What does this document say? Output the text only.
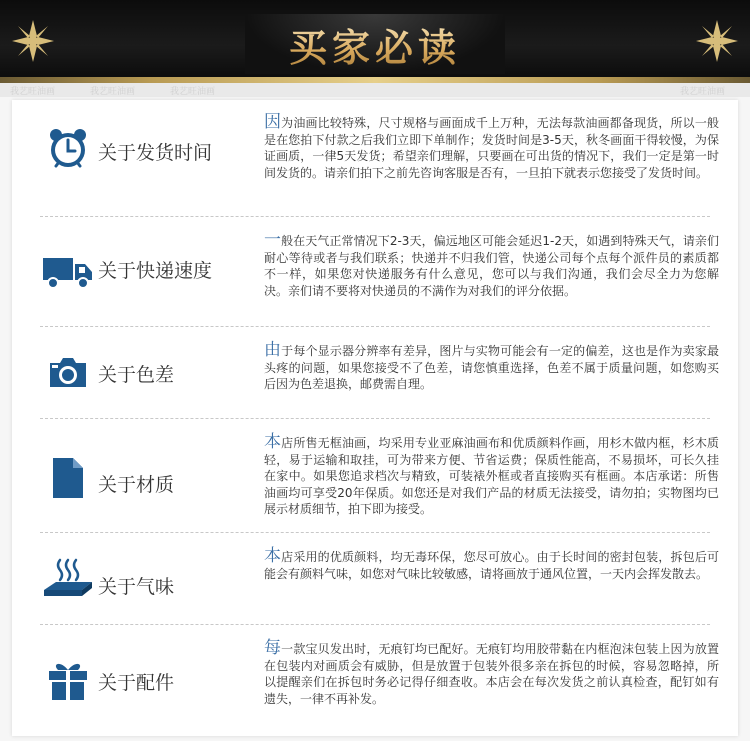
买家必读
我艺旺油画	我艺旺油画	我艺旺油画	我艺旺油画
关于发货时间
因为油画比较特殊，尺寸规格与画面成千上万种，无法每款油画都备现货，所以一般是在您拍下付款之后我们立即下单制作；发货时间是3-5天，秋冬画面干得较慢，为保证画质，一律5天发货；希望亲们理解，只要画在可出货的情况下，我们一定是第一时间发货的。请亲们拍下之前先咨询客服是否有，一旦拍下就表示您接受了发货时间。
关于快递速度
一般在天气正常情况下2-3天，偏远地区可能会延迟1-2天，如遇到特殊天气，请亲们耐心等待或者与我们联系；快递并不归我们管，快递公司每个点每个派件员的素质都不一样，如果您对快递服务有什么意见，您可以与我们沟通，我们会尽全力为您解决。亲们请不要将对快递员的不满作为对我们的评分依据。
关于色差
由于每个显示器分辨率有差异，图片与实物可能会有一定的偏差，这也是作为卖家最头疼的问题，如果您接受不了色差，请您慎重选择，色差不属于质量问题，如您购买后因为色差退换，邮费需自理。
关于材质
本店所售无框油画，均采用专业亚麻油画布和优质颜料作画，用杉木做内框，杉木质轻，易于运输和取挂，可为带来方便、节省运费；保质性能高，不易损坏，可长久挂在家中。如果您追求档次与精致，可装裱外框或者直接购买有框画。本店承诺：所售油画均可享受20年保质。如您还是对我们产品的材质无法接受，请勿拍；实物图均已展示材质细节，拍下即为接受。
关于气味
本店采用的优质颜料，均无毒环保，您尽可放心。由于长时间的密封包装，拆包后可能会有颜料气味，如您对气味比较敏感，请将画放于通风位置，一天内会挥发散去。
关于配件
每一款宝贝发出时，无痕钉均已配好。无痕钉均用胶带黏在内框泡沫包装上因为放置在包装内对画质会有威胁，但是放置于包装外很多亲在拆包的时候，容易忽略掉，所以提醒亲们在拆包时务必记得仔细查收。本店会在每次发货之前认真检查，配钉如有遗失，一律不再补发。
